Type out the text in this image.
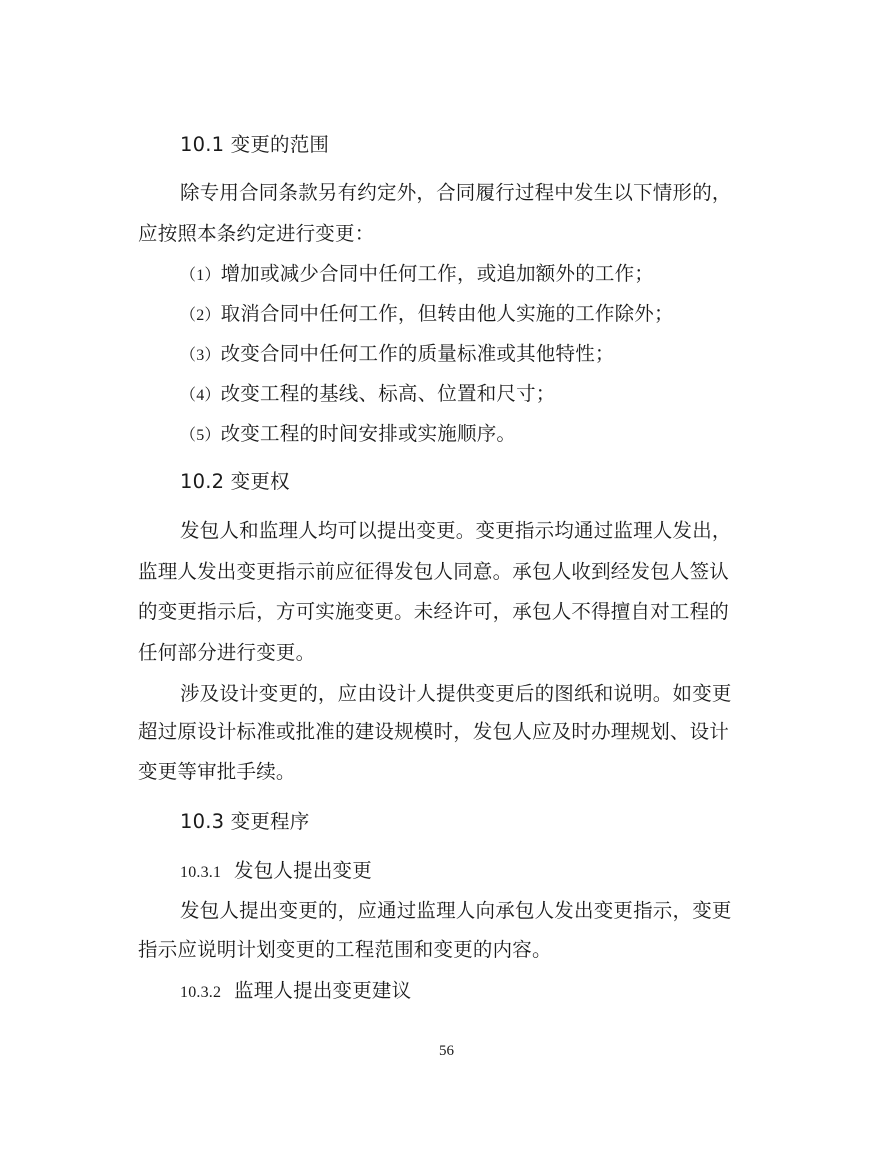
10.1 变更的范围
除专用合同条款另有约定外，合同履行过程中发生以下情形的，
应按照本条约定进行变更：
（1）增加或减少合同中任何工作，或追加额外的工作；
（2）取消合同中任何工作，但转由他人实施的工作除外；
（3）改变合同中任何工作的质量标准或其他特性；
（4）改变工程的基线、标高、位置和尺寸；
（5）改变工程的时间安排或实施顺序。
10.2 变更权
发包人和监理人均可以提出变更。变更指示均通过监理人发出，
监理人发出变更指示前应征得发包人同意。承包人收到经发包人签认
的变更指示后，方可实施变更。未经许可，承包人不得擅自对工程的
任何部分进行变更。
涉及设计变更的，应由设计人提供变更后的图纸和说明。如变更
超过原设计标准或批准的建设规模时，发包人应及时办理规划、设计
变更等审批手续。
10.3 变更程序
10.3.1 发包人提出变更
发包人提出变更的，应通过监理人向承包人发出变更指示，变更
指示应说明计划变更的工程范围和变更的内容。
10.3.2 监理人提出变更建议
56
